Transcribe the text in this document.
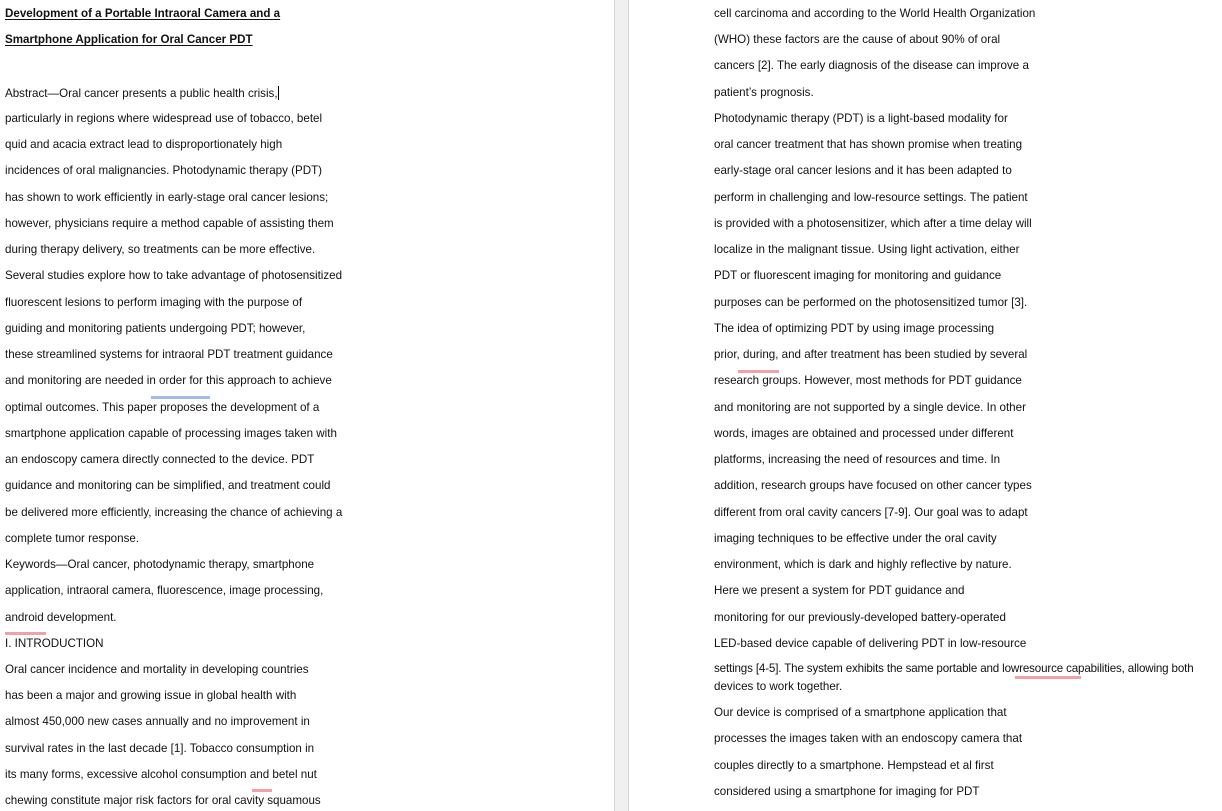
Development of a Portable Intraoral Camera and a
Smartphone Application for Oral Cancer PDT
Abstract—Oral cancer presents a public health crisis,
particularly in regions where widespread use of tobacco, betel
quid and acacia extract lead to disproportionately high
incidences of oral malignancies. Photodynamic therapy (PDT)
has shown to work efficiently in early-stage oral cancer lesions;
however, physicians require a method capable of assisting them
during therapy delivery, so treatments can be more effective.
Several studies explore how to take advantage of photosensitized
fluorescent lesions to perform imaging with the purpose of
guiding and monitoring patients undergoing PDT; however,
these streamlined systems for intraoral PDT treatment guidance
and monitoring are needed in order for this approach to achieve
optimal outcomes. This paper proposes the development of a
smartphone application capable of processing images taken with
an endoscopy camera directly connected to the device. PDT
guidance and monitoring can be simplified, and treatment could
be delivered more efficiently, increasing the chance of achieving a
complete tumor response.
Keywords—Oral cancer, photodynamic therapy, smartphone
application, intraoral camera, fluorescence, image processing,
android development.
I. INTRODUCTION
Oral cancer incidence and mortality in developing countries
has been a major and growing issue in global health with
almost 450,000 new cases annually and no improvement in
survival rates in the last decade [1]. Tobacco consumption in
its many forms, excessive alcohol consumption and betel nut
chewing constitute major risk factors for oral cavity squamous
cell carcinoma and according to the World Health Organization
(WHO) these factors are the cause of about 90% of oral
cancers [2]. The early diagnosis of the disease can improve a
patient’s prognosis.
Photodynamic therapy (PDT) is a light-based modality for
oral cancer treatment that has shown promise when treating
early-stage oral cancer lesions and it has been adapted to
perform in challenging and low-resource settings. The patient
is provided with a photosensitizer, which after a time delay will
localize in the malignant tissue. Using light activation, either
PDT or fluorescent imaging for monitoring and guidance
purposes can be performed on the photosensitized tumor [3].
The idea of optimizing PDT by using image processing
prior, during, and after treatment has been studied by several
research groups. However, most methods for PDT guidance
and monitoring are not supported by a single device. In other
words, images are obtained and processed under different
platforms, increasing the need of resources and time. In
addition, research groups have focused on other cancer types
different from oral cavity cancers [7-9]. Our goal was to adapt
imaging techniques to be effective under the oral cavity
environment, which is dark and highly reflective by nature.
Here we present a system for PDT guidance and
monitoring for our previously-developed battery-operated
LED-based device capable of delivering PDT in low-resource
settings [4-5]. The system exhibits the same portable and lowresource capabilities, allowing both
devices to work together.
Our device is comprised of a smartphone application that
processes the images taken with an endoscopy camera that
couples directly to a smartphone. Hempstead et al first
considered using a smartphone for imaging for PDT
